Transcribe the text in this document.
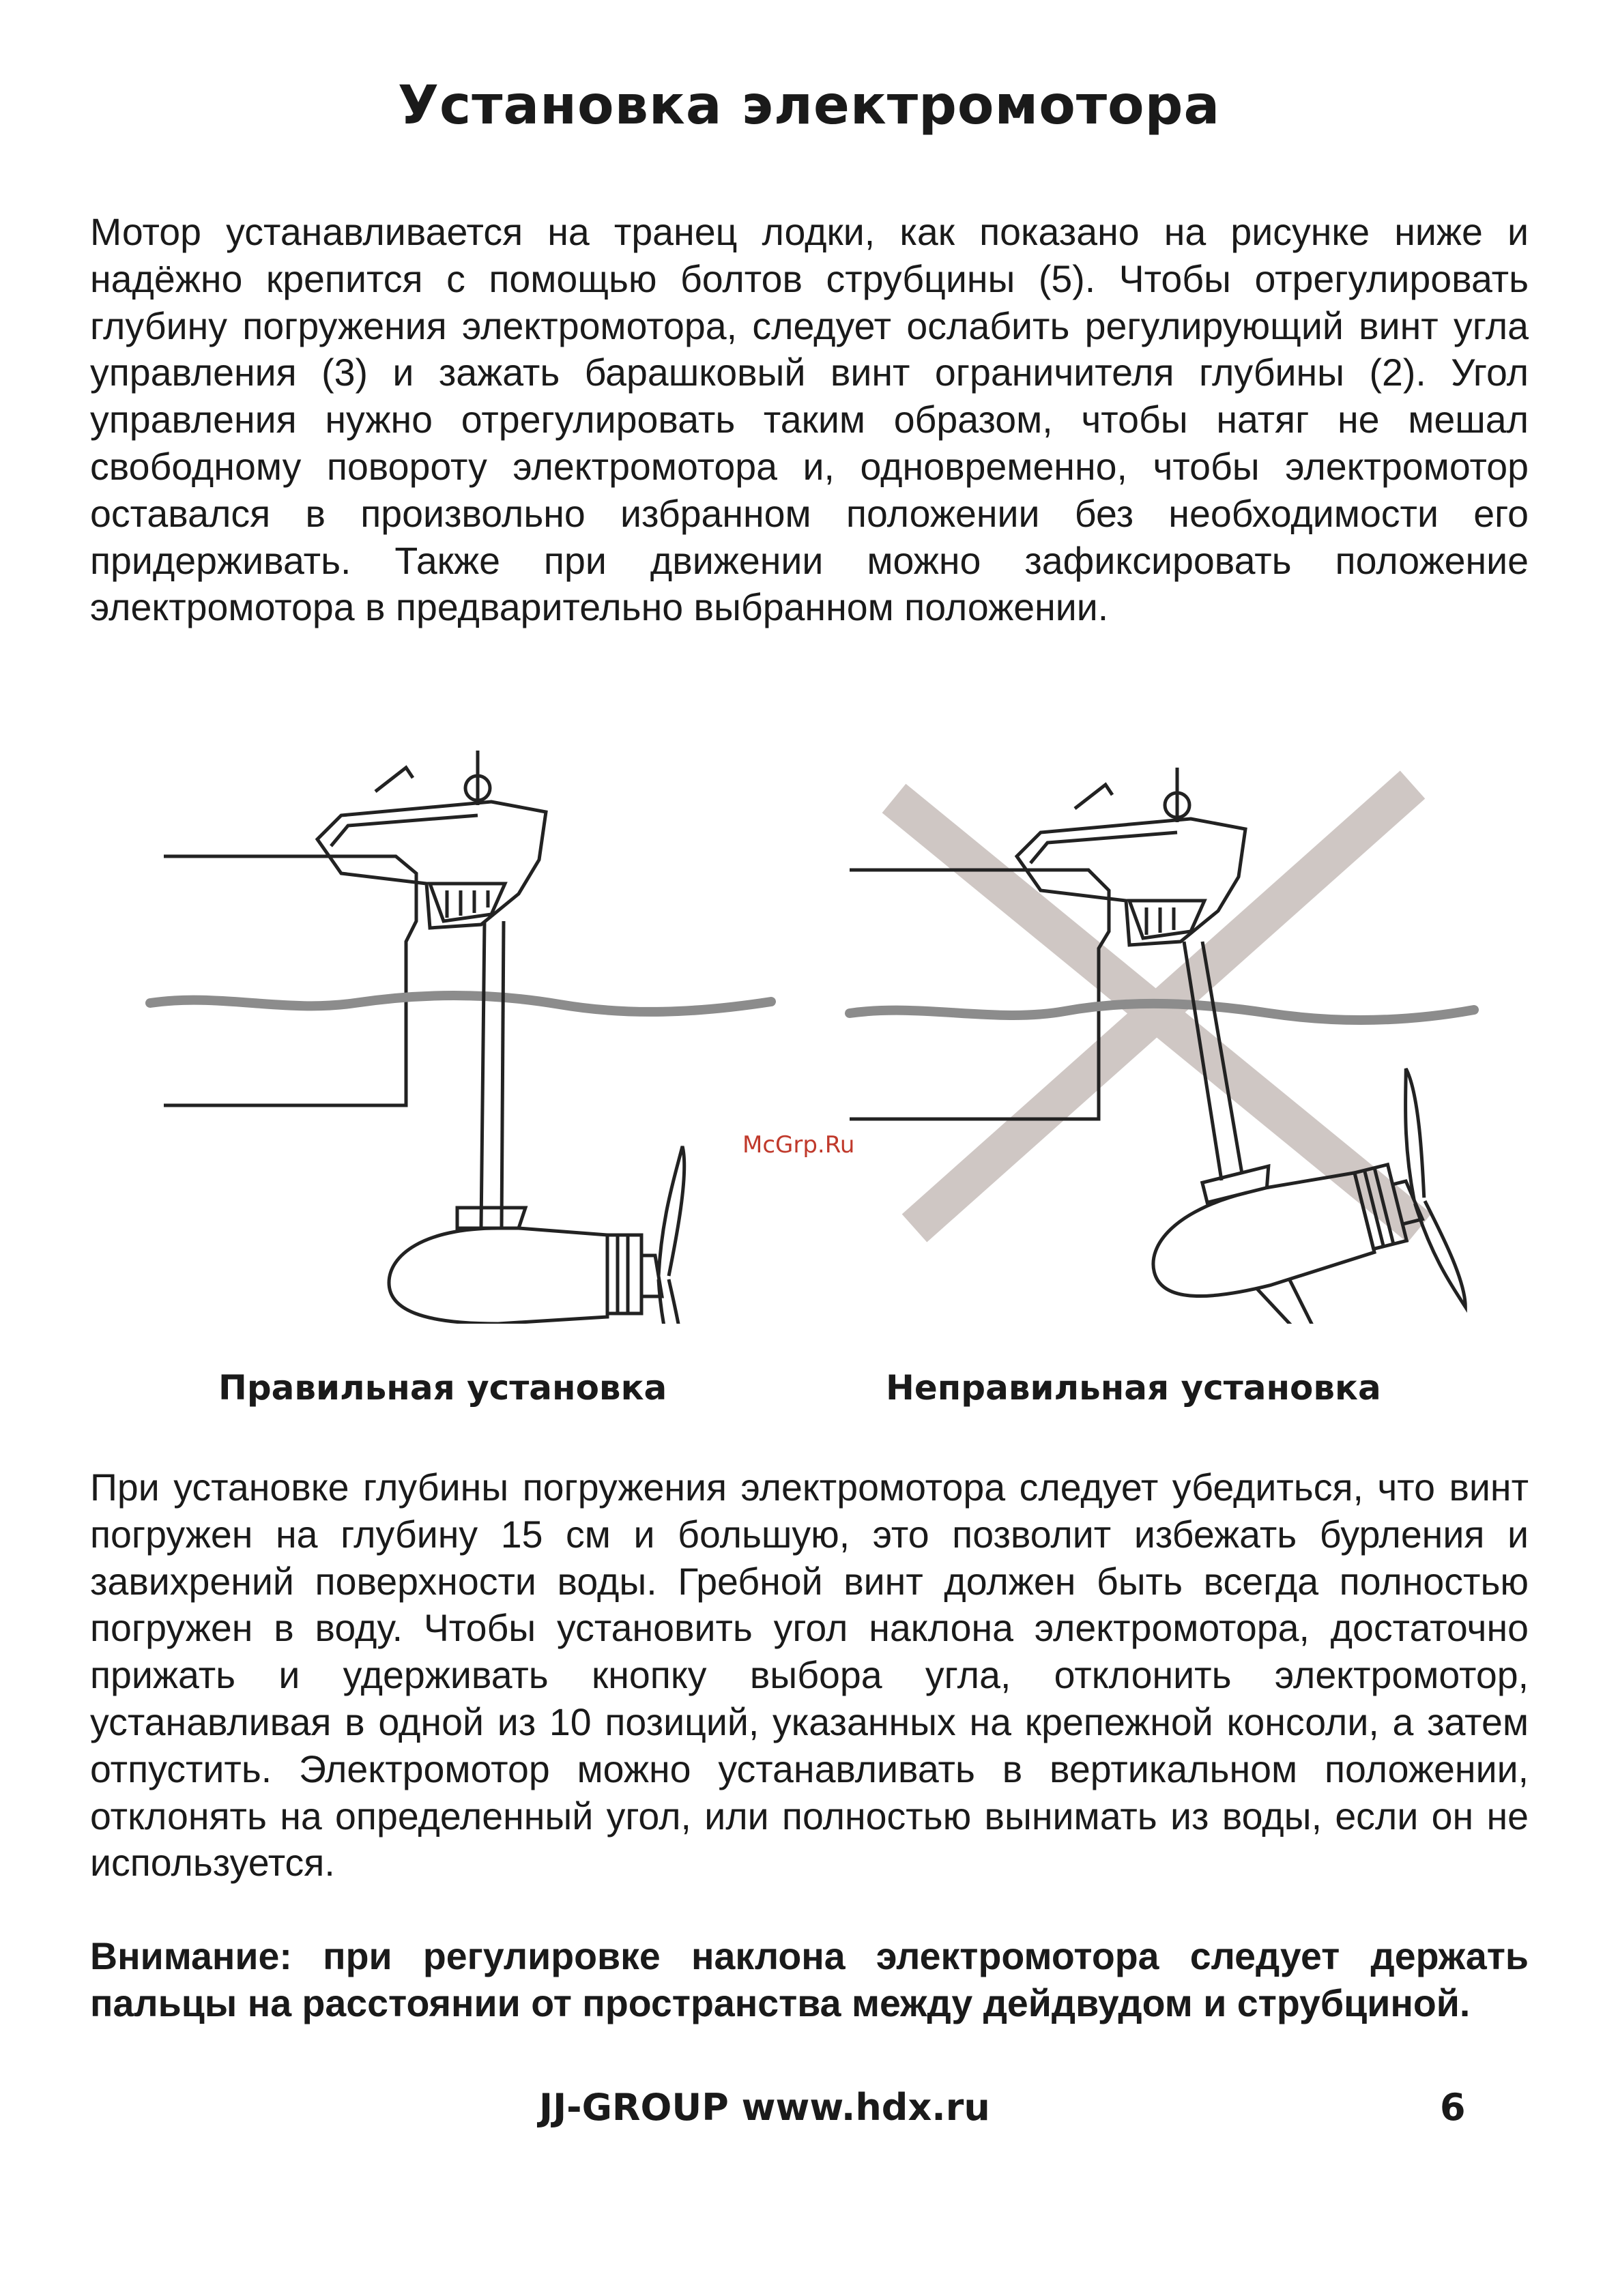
Установка электромотора

Мотор устанавливается на транец лодки, как показано на рисунке ниже и надёжно крепится с помощью болтов струбцины (5). Чтобы отрегулировать глубину погружения электромотора, следует ослабить регулирующий винт угла управления (3) и зажать барашковый винт ограничителя глубины (2). Угол управления нужно отрегулировать таким образом, чтобы натяг не мешал свободному повороту электромотора и, одновременно, чтобы электромотор оставался в произвольно избранном положении без необходимости его придерживать. Также при движении можно зафиксировать положение электромотора в предварительно выбранном положении.

McGrp.Ru
Правильная установка	Неправильная установка

При установке глубины погружения электромотора следует убедиться, что винт погружен на глубину 15 см и большую, это позволит избежать бурления и завихрений поверхности воды. Гребной винт должен быть всегда полностью погружен в воду. Чтобы установить угол наклона электромотора, достаточно прижать и удерживать кнопку выбора угла, отклонить электромотор, устанавливая в одной из 10 позиций, указанных на крепежной консоли, а затем отпустить. Электромотор можно устанавливать в вертикальном положении, отклонять на определенный угол, или полностью вынимать из воды, если он не используется.

Внимание: при регулировке наклона электромотора следует держать пальцы на расстоянии от пространства между дейдвудом и струбциной.

JJ-GROUP www.hdx.ru	6
